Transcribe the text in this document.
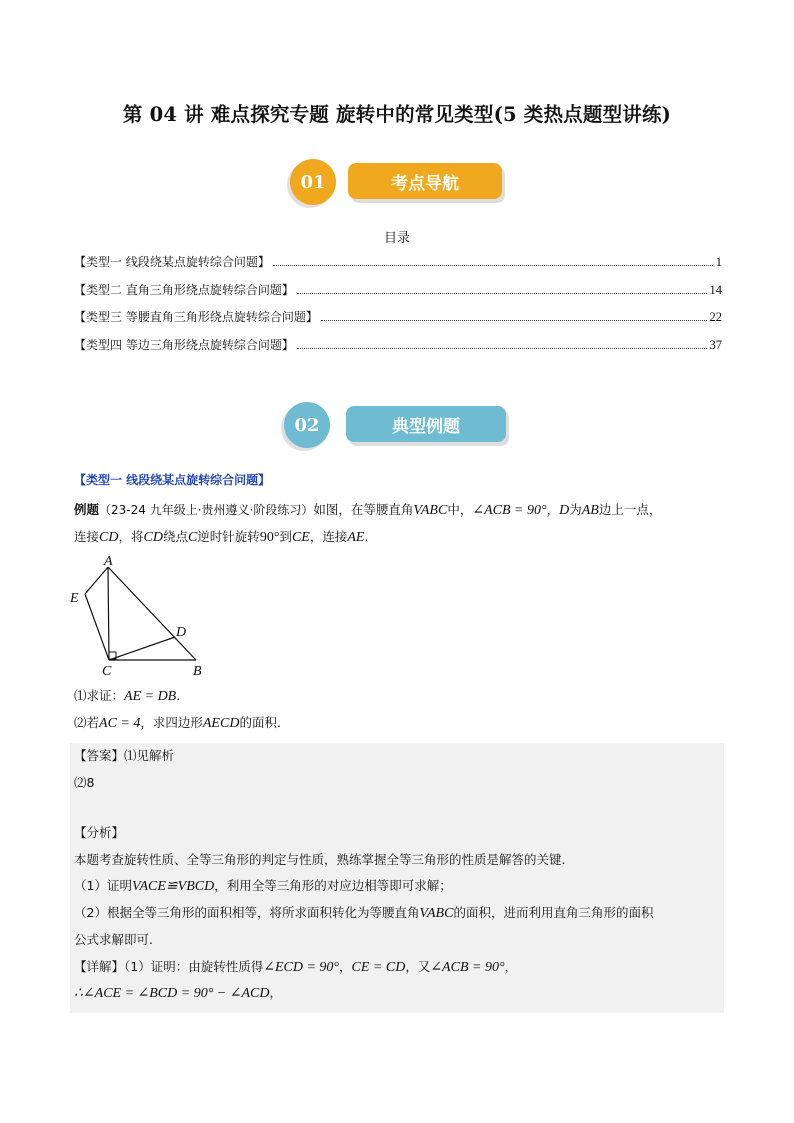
第 04 讲 难点探究专题 旋转中的常见类型(5 类热点题型讲练)
01	考点导航
目录
【类型一 线段绕某点旋转综合问题】	1
【类型二 直角三角形绕点旋转综合问题】	14
【类型三 等腰直角三角形绕点旋转综合问题】	22
【类型四 等边三角形绕点旋转综合问题】	37
02	典型例题
【类型一 线段绕某点旋转综合问题】
例题（23-24 九年级上·贵州遵义·阶段练习）如图，在等腰直角VABC中，∠ACB = 90°，D为AB边上一点，
连接CD，将CD绕点C逆时针旋转90°到CE，连接AE.
A
E
D
C	B
⑴求证：AE = DB.
⑵若AC = 4，求四边形AECD的面积.
【答案】⑴见解析
⑵8
【分析】
本题考查旋转性质、全等三角形的判定与性质，熟练掌握全等三角形的性质是解答的关键.
（1）证明VACE≌VBCD，利用全等三角形的对应边相等即可求解；
（2）根据全等三角形的面积相等，将所求面积转化为等腰直角VABC的面积，进而利用直角三角形的面积
公式求解即可.
【详解】（1）证明：由旋转性质得∠ECD = 90°，CE = CD，又∠ACB = 90°，
∴∠ACE = ∠BCD = 90° − ∠ACD，
